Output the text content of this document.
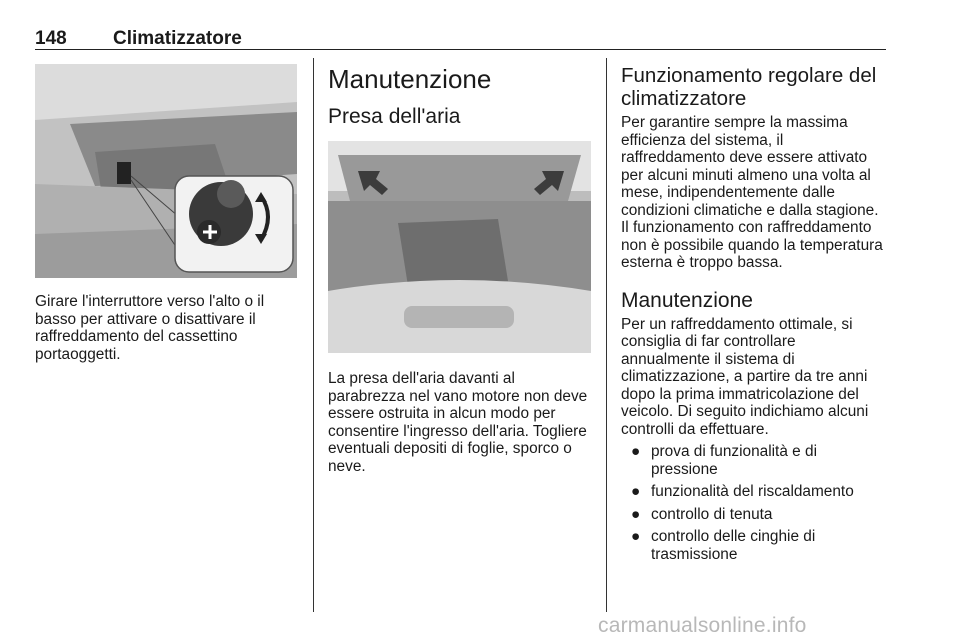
148 Climatizzatore

Girare l'interruttore verso l'alto o il basso per attivare o disattivare il raffreddamento del cassettino portaoggetti.

Manutenzione
Presa dell'aria

La presa dell'aria davanti al parabrezza nel vano motore non deve essere ostruita in alcun modo per consentire l'ingresso dell'aria. Togliere eventuali depositi di foglie, sporco o neve.

Funzionamento regolare del climatizzatore

Per garantire sempre la massima efficienza del sistema, il raffreddamento deve essere attivato per alcuni minuti almeno una volta al mese, indipendentemente dalle condizioni climatiche e dalla stagione. Il funzionamento con raffreddamento non è possibile quando la temperatura esterna è troppo bassa.

Manutenzione

Per un raffreddamento ottimale, si consiglia di far controllare annualmente il sistema di climatizzazione, a partire da tre anni dopo la prima immatricolazione del veicolo. Di seguito indichiamo alcuni controlli da effettuare.

● prova di funzionalità e di pressione
● funzionalità del riscaldamento
● controllo di tenuta
● controllo delle cinghie di trasmissione
carmanualsonline.info
